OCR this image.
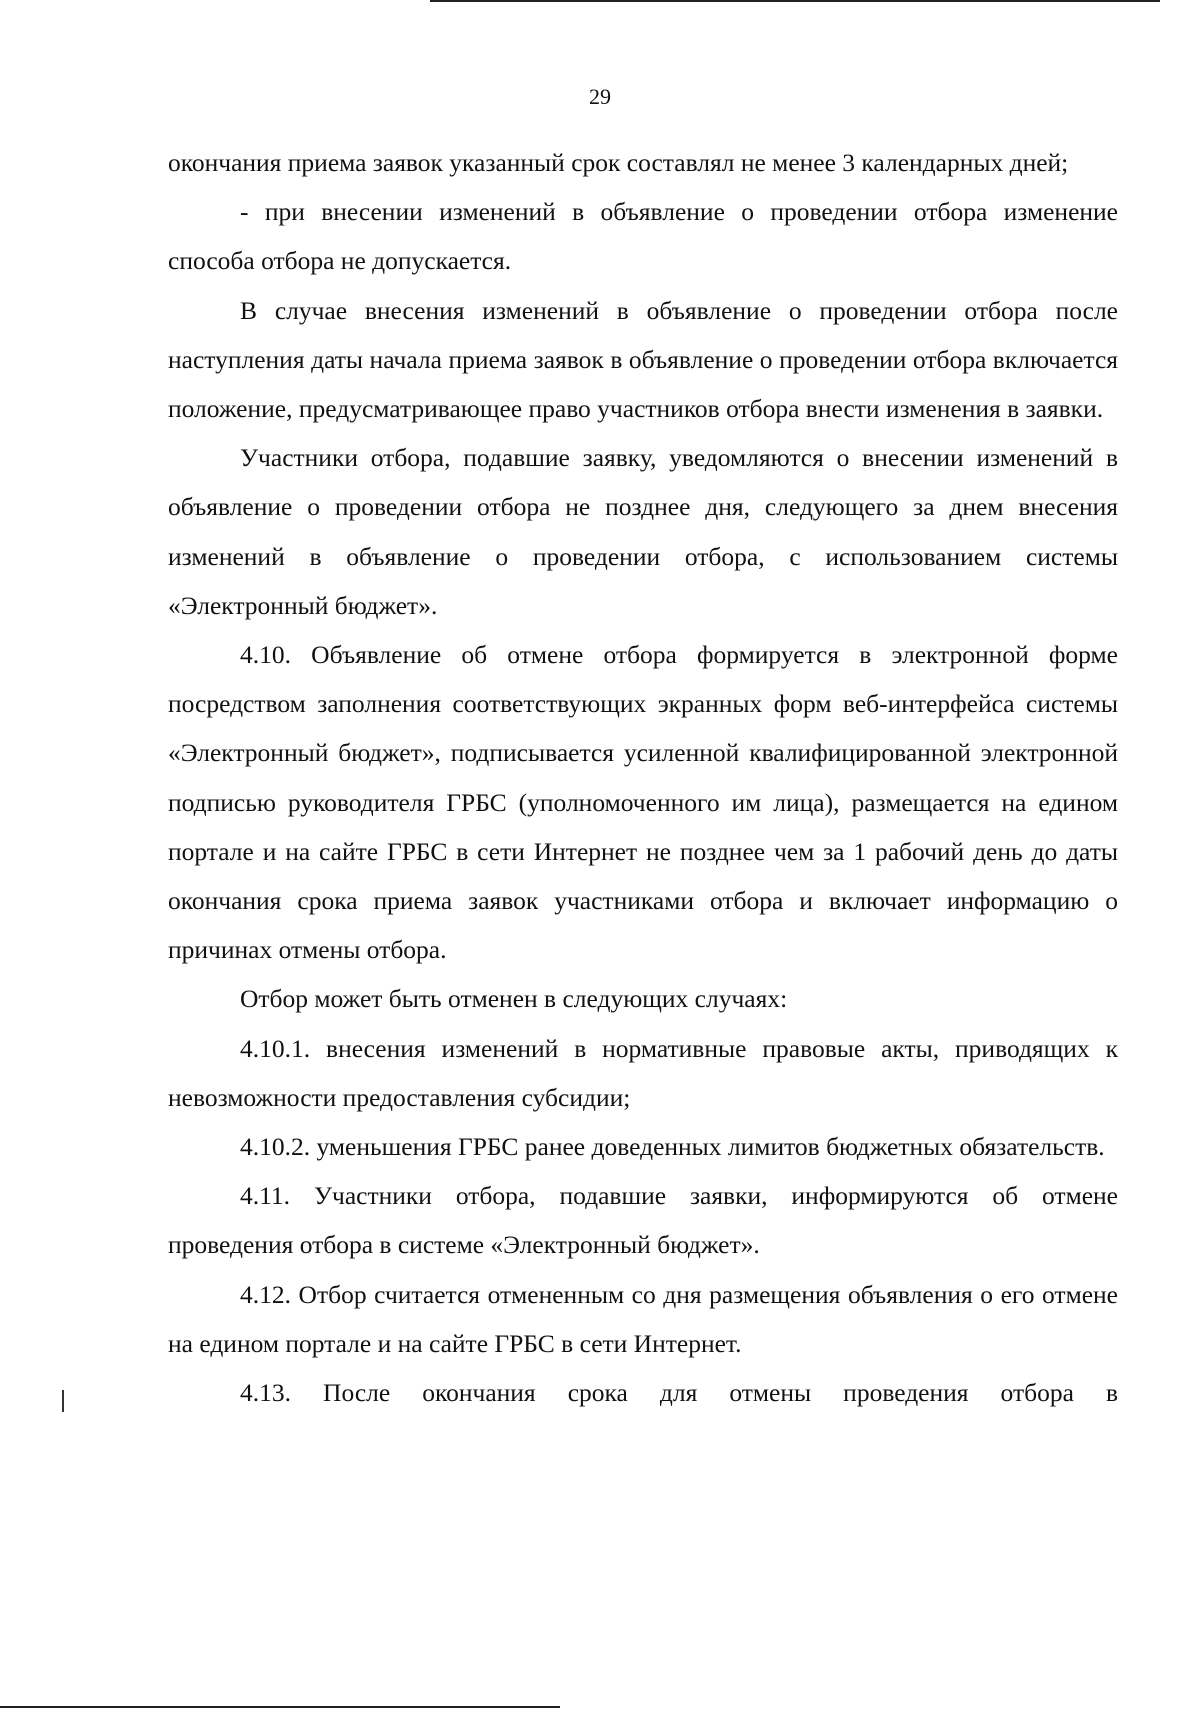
29

окончания приема заявок указанный срок составлял не менее 3 календарных дней;

- при внесении изменений в объявление о проведении отбора изменение способа отбора не допускается.

В случае внесения изменений в объявление о проведении отбора после наступления даты начала приема заявок в объявление о проведении отбора включается положение, предусматривающее право участников отбора внести изменения в заявки.

Участники отбора, подавшие заявку, уведомляются о внесении изменений в объявление о проведении отбора не позднее дня, следующего за днем внесения изменений в объявление о проведении отбора, с использованием системы «Электронный бюджет».

4.10. Объявление об отмене отбора формируется в электронной форме посредством заполнения соответствующих экранных форм веб-интерфейса системы «Электронный бюджет», подписывается усиленной квалифицированной электронной подписью руководителя ГРБС (уполномоченного им лица), размещается на едином портале и на сайте ГРБС в сети Интернет не позднее чем за 1 рабочий день до даты окончания срока приема заявок участниками отбора и включает информацию о причинах отмены отбора.

Отбор может быть отменен в следующих случаях:

4.10.1. внесения изменений в нормативные правовые акты, приводящих к невозможности предоставления субсидии;

4.10.2. уменьшения ГРБС ранее доведенных лимитов бюджетных обязательств.

4.11. Участники отбора, подавшие заявки, информируются об отмене проведения отбора в системе «Электронный бюджет».

4.12. Отбор считается отмененным со дня размещения объявления о его отмене на едином портале и на сайте ГРБС в сети Интернет.

4.13. После окончания срока для отмены проведения отбора в
